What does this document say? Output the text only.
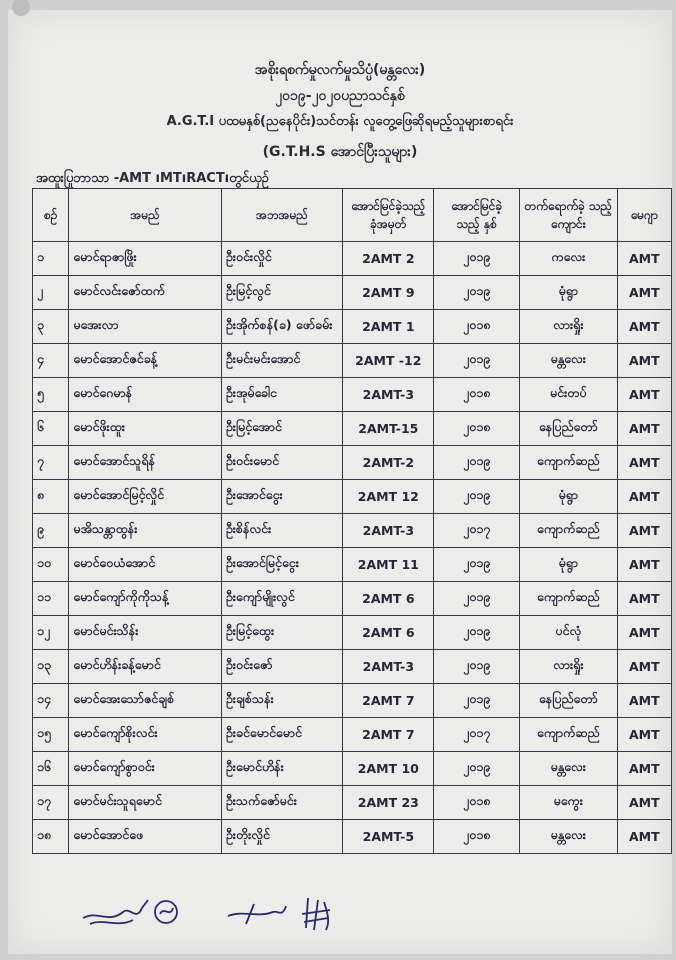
အစိုးရစက်မှုလက်မှုသိပ္ပံ(မန္တလေး)
၂၀၁၉-၂၀၂၀ပညာသင်နှစ်
A.G.T.I ပထမနှစ်(ညနေပိုင်း)သင်တန်း လူတွေ့ဖြေဆိုရမည့်သူများစာရင်း
(G.T.H.S အောင်ပြီးသူများ)
အထူးပြုဘာသာ -AMT ıMTıRACTıတွင်ယှဉ်
စဉ်	အမည်	အဘအမည်	အောင်မြင်ခဲ့သည့် ခုံအမှတ်	အောင်မြင်ခဲ့ သည့် နှစ်	တက်ရောက်ခဲ့ သည့်ကျောင်း	မေဂျာ
၁	မောင်ရာဇာဖြိုး	ဦးဝင်းလှိုင်	2AMT 2	၂၀၁၉	ကလေး	AMT
၂	မောင်လင်းဇော်ထက်	ဦးမြင့်လွင်	2AMT 9	၂၀၁၉	မုံရွာ	AMT
၃	မအေးလာ	ဦးအိုက်စန်(ခ) ဖော်ခမ်း	2AMT 1	၂၀၁၈	လားရှိုး	AMT
၄	မောင်အောင်ဇင်ခန့်	ဦးမင်းမင်းအောင်	2AMT -12	၂၀၁၉	မန္တလေး	AMT
၅	မောင်ဂေမာန်	ဦးအုမ်ခေါင	2AMT-3	၂၀၁၈	မင်းတပ်	AMT
၆	မောင်ဖိုးထူး	ဦးမြင့်အောင်	2AMT-15	၂၀၁၈	နေပြည်တော်	AMT
၇	မောင်အောင်သူရိန်	ဦးဝင်းမောင်	2AMT-2	၂၀၁၉	ကျောက်ဆည်	AMT
၈	မောင်အောင်မြင့်လှိုင်	ဦးအောင်ငွေး	2AMT 12	၂၀၁၉	မုံရွာ	AMT
၉	မအိသန္တာထွန်း	ဦးစိန်လင်း	2AMT-3	၂၀၁၇	ကျောက်ဆည်	AMT
၁၀	မောင်ဝေယံအောင်	ဦးအောင်မြင့်ငွေး	2AMT 11	၂၀၁၉	မုံရွာ	AMT
၁၁	မောင်ကျော်ကိုကိုသန့်	ဦးကျော်မျိုးလွင်	2AMT 6	၂၀၁၉	ကျောက်ဆည်	AMT
၁၂	မောင်မင်းသိန်း	ဦးမြင့်ထွေး	2AMT 6	၂၀၁၉	ပင်လုံ	AMT
၁၃	မောင်ဟိန်းခန့်မောင်	ဦးဝင်းဇော်	2AMT-3	၂၀၁၉	လားရှိုး	AMT
၁၄	မောင်အေးသော်ဇင်ချစ်	ဦးချစ်သန်း	2AMT 7	၂၀၁၉	နေပြည်တော်	AMT
၁၅	မောင်ကျော်စိုးလင်း	ဦးခင်မောင်မောင်	2AMT 7	၂၀၁၇	ကျောက်ဆည်	AMT
၁၆	မောင်ကျော်စွာဝင်း	ဦးမောင်ဟိန်း	2AMT 10	၂၀၁၉	မန္တလေး	AMT
၁၇	မောင်မင်းသူရမောင်	ဦးသက်ဇော်မင်း	2AMT 23	၂၀၁၈	မကွေး	AMT
၁၈	မောင်အောင်ဖေ	ဦးတိုးလှိုင်	2AMT-5	၂၀၁၈	မန္တလေး	AMT
